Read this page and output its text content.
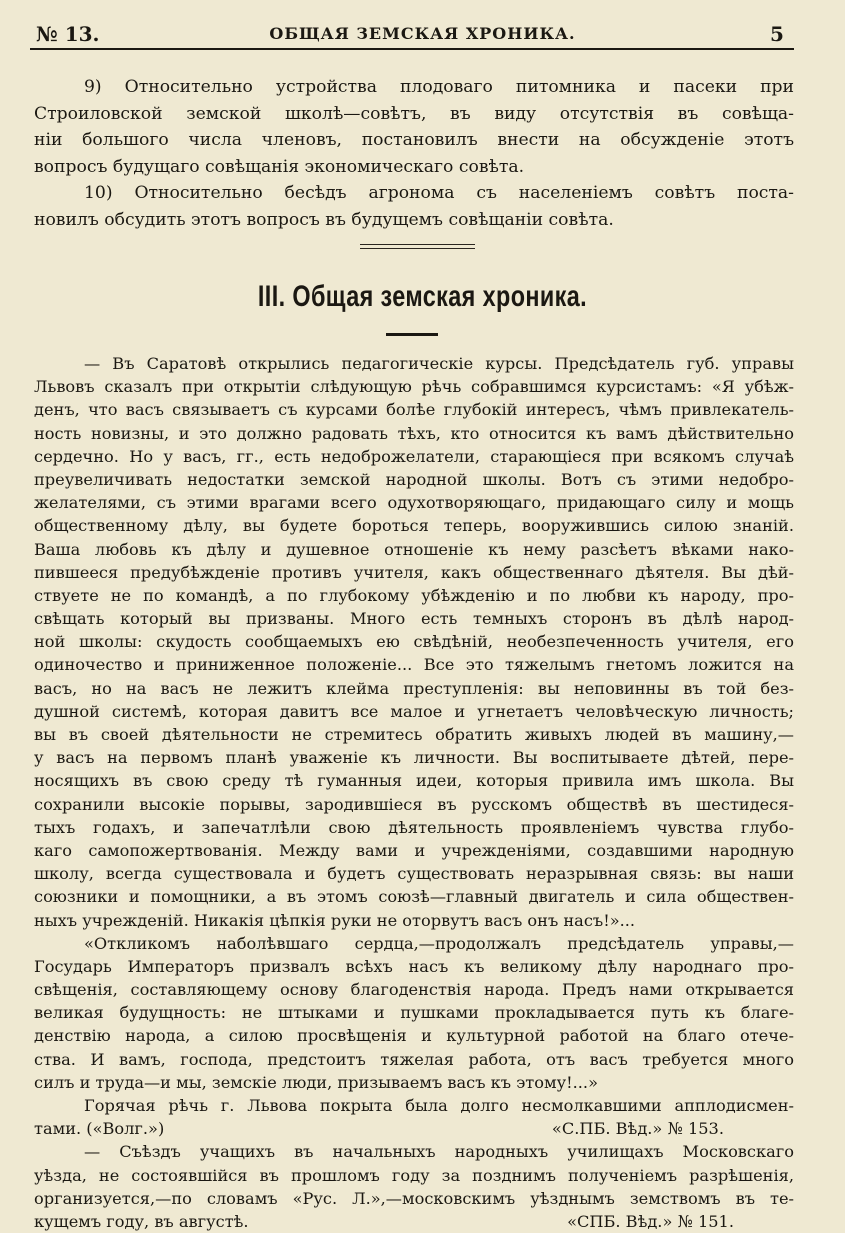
№ 13.	ОБЩАЯ ЗЕМСКАЯ ХРОНИКА.	5
9) Относительно устройства плодоваго питомника и пасеки при
Строиловской земской школѣ—совѣтъ, въ виду отсутствія въ совѣща-
ніи большого числа членовъ, постановилъ внести на обсужденіе этотъ
вопросъ будущаго совѣщанія экономическаго совѣта.
10) Относительно бесѣдъ агронома съ населеніемъ совѣтъ поста-
новилъ обсудить этотъ вопросъ въ будущемъ совѣщаніи совѣта.
III. Общая земская хроника.
— Въ Саратовѣ открылись педагогическіе курсы. Предсѣдатель губ. управы
Львовъ сказалъ при открытіи слѣдующую рѣчь собравшимся курсистамъ: «Я убѣж-
денъ, что васъ связываетъ съ курсами болѣе глубокій интересъ, чѣмъ привлекатель-
ность новизны, и это должно радовать тѣхъ, кто относится къ вамъ дѣйствительно
сердечно. Но у васъ, гг., есть недоброжелатели, старающіеся при всякомъ случаѣ
преувеличивать недостатки земской народной школы. Вотъ съ этими недобро-
желателями, съ этими врагами всего одухотворяющаго, придающаго силу и мощь
общественному дѣлу, вы будете бороться теперь, вооружившись силою знаній.
Ваша любовь къ дѣлу и душевное отношеніе къ нему разсѣетъ вѣками нако-
пившееся предубѣжденіе противъ учителя, какъ общественнаго дѣятеля. Вы дѣй-
ствуете не по командѣ, а по глубокому убѣжденію и по любви къ народу, про-
свѣщать который вы призваны. Много есть темныхъ сторонъ въ дѣлѣ народ-
ной школы: скудость сообщаемыхъ ею свѣдѣній, необезпеченность учителя, его
одиночество и приниженное положеніе... Все это тяжелымъ гнетомъ ложится на
васъ, но на васъ не лежитъ клейма преступленія: вы неповинны въ той без-
душной системѣ, которая давитъ все малое и угнетаетъ человѣческую личность;
вы въ своей дѣятельности не стремитесь обратить живыхъ людей въ машину,—
у васъ на первомъ планѣ уваженіе къ личности. Вы воспитываете дѣтей, пере-
носящихъ въ свою среду тѣ гуманныя идеи, которыя привила имъ школа. Вы
сохранили высокіе порывы, зародившіеся въ русскомъ обществѣ въ шестидеся-
тыхъ годахъ, и запечатлѣли свою дѣятельность проявленіемъ чувства глубо-
каго самопожертвованія. Между вами и учрежденіями, создавшими народную
школу, всегда существовала и будетъ существовать неразрывная связь: вы наши
союзники и помощники, а въ этомъ союзѣ—главный двигатель и сила обществен-
ныхъ учрежденій. Никакія цѣпкія руки не оторвутъ васъ онъ насъ!»...
«Откликомъ наболѣвшаго сердца,—продолжалъ предсѣдатель управы,—
Государь Императоръ призвалъ всѣхъ насъ къ великому дѣлу народнаго про-
свѣщенія, составляющему основу благоденствія народа. Предъ нами открывается
великая будущность: не штыками и пушками прокладывается путь къ благе-
денствію народа, а силою просвѣщенія и культурной работой на благо отече-
ства. И вамъ, господа, предстоитъ тяжелая работа, отъ васъ требуется много
силъ и труда—и мы, земскіе люди, призываемъ васъ къ этому!...»
Горячая рѣчь г. Львова покрыта была долго несмолкавшими апплодисмен-
тами. («Волг.»)	«С.ПБ. Вѣд.» № 153.
— Съѣздъ учащихъ въ начальныхъ народныхъ училищахъ Московскаго
уѣзда, не состоявшійся въ прошломъ году за позднимъ полученіемъ разрѣшенія,
организуется,—по словамъ «Рус. Л.»,—московскимъ уѣзднымъ земствомъ въ те-
кущемъ году, въ августѣ.	«СПБ. Вѣд.» № 151.
